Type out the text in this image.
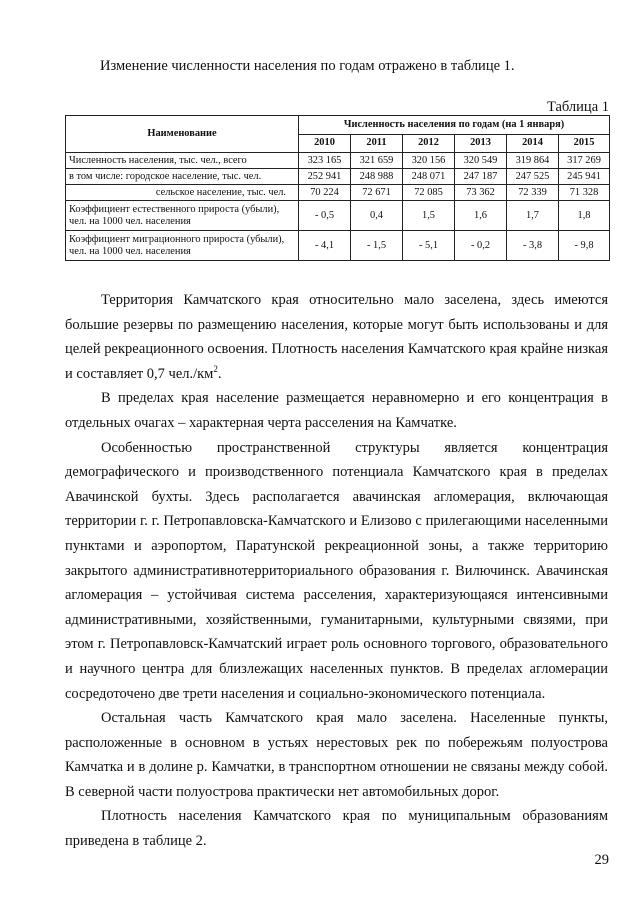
Изменение численности населения по годам отражено в таблице 1.
Таблица 1
Наименование	Численность населения по годам (на 1 января)					
	2010	2011	2012	2013	2014	2015
Численность населения, тыс. чел., всего	323 165	321 659	320 156	320 549	319 864	317 269
в том числе: городское население, тыс. чел.	252 941	248 988	248 071	247 187	247 525	245 941
сельское население, тыс. чел.	70 224	72 671	72 085	73 362	72 339	71 328
Коэффициент естественного прироста (убыли), чел. на 1000 чел. населения	- 0,5	0,4	1,5	1,6	1,7	1,8
Коэффициент миграционного прироста (убыли), чел. на 1000 чел. населения	- 4,1	- 1,5	- 5,1	- 0,2	- 3,8	- 9,8

Территория Камчатского края относительно мало заселена, здесь имеются большие резервы по размещению населения, которые могут быть использованы и для целей рекреационного освоения. Плотность населения Камчатского края крайне низкая и составляет 0,7 $чел./км^2$.

В пределах края население размещается неравномерно и его концентрация в отдельных очагах – характерная черта расселения на Камчатке.

Особенностью пространственной структуры является концентрация демографического и производственного потенциала Камчатского края в пределах Авачинской бухты. Здесь располагается авачинская агломерация, включающая территории г. г. Петропавловска-Камчатского и Елизово с прилегающими населенными пунктами и аэропортом, Паратунской рекреационной зоны, а также территорию закрытого административнотерриториального образования г. Вилючинск. Авачинская агломерация – устойчивая система расселения, характеризующаяся интенсивными административными, хозяйственными, гуманитарными, культурными связями, при этом г. Петропавловск-Камчатский играет роль основного торгового, образовательного и научного центра для близлежащих населенных пунктов. В пределах агломерации сосредоточено две трети населения и социально-экономического потенциала.

Остальная часть Камчатского края мало заселена. Населенные пункты, расположенные в основном в устьях нерестовых рек по побережьям полуострова Камчатка и в долине р. Камчатки, в транспортном отношении не связаны между собой. В северной части полуострова практически нет автомобильных дорог.

Плотность населения Камчатского края по муниципальным образованиям приведена в таблице 2.

29
